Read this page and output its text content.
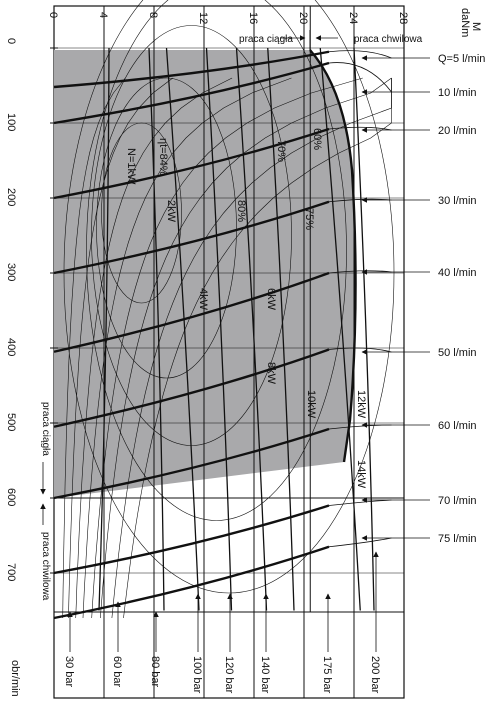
0	4	8	12	16	20	24	28
0
100
200
300
400
500
600
700
M
daNm
obr/min
praca ciągła	praca chwilowa
praca ciągła
praca chwilowa
Q=5 l/min
10 l/min
20 l/min
30 l/min
40 l/min
50 l/min
60 l/min
70 l/min
75 l/min
30 bar	60 bar 80 bar	100 bar 120 bar 140 bar	175 bar	200 bar
N=1kW
2kW
4kW	6kW
8kW
10kW	12kW
14kW
ηt=84%
80%	75%
70%
60%
